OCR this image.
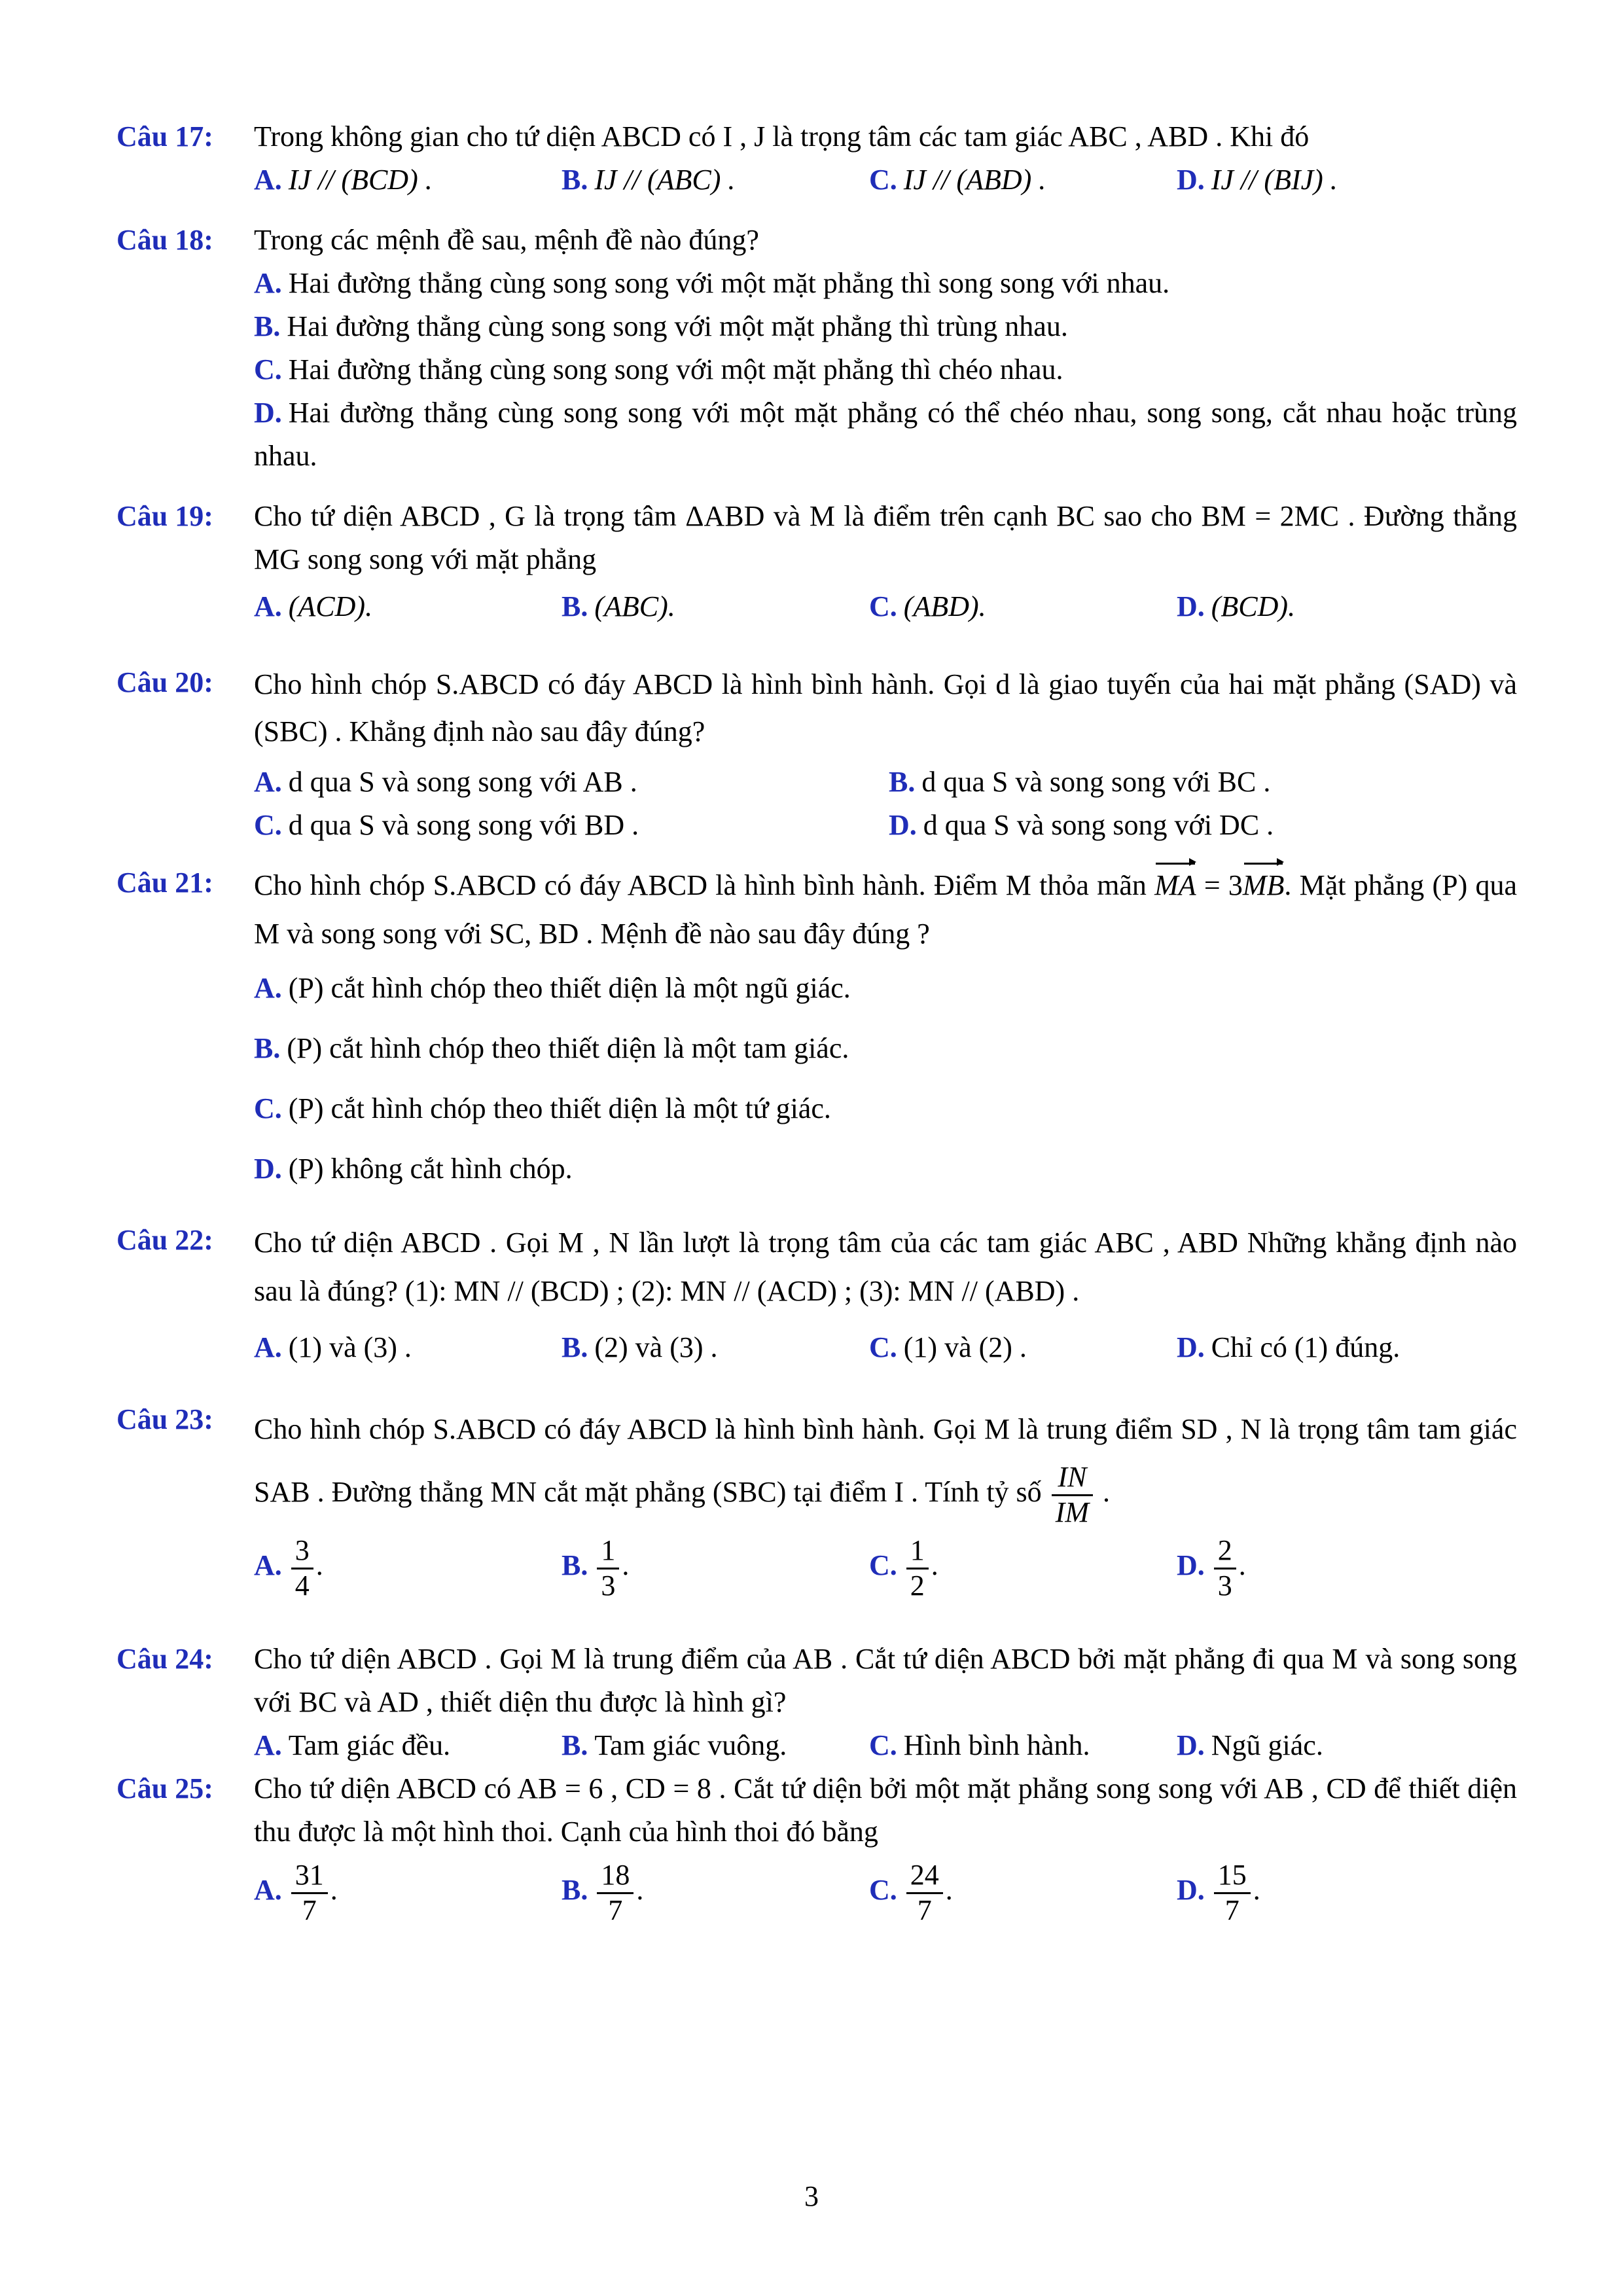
Câu 17:	Trong không gian cho tứ diện ABCD có I , J là trọng tâm các tam giác ABC , ABD . Khi đó
A. IJ // (BCD) .	B. IJ // (ABC) .	C. IJ // (ABD) .	D. IJ // (BIJ) .
Câu 18:	Trong các mệnh đề sau, mệnh đề nào đúng?
A. Hai đường thẳng cùng song song với một mặt phẳng thì song song với nhau.
B. Hai đường thẳng cùng song song với một mặt phẳng thì trùng nhau.
C. Hai đường thẳng cùng song song với một mặt phẳng thì chéo nhau.
D. Hai đường thẳng cùng song song với một mặt phẳng có thể chéo nhau, song song, cắt nhau hoặc trùng nhau.
Câu 19:	Cho tứ diện ABCD , G là trọng tâm ΔABD và M là điểm trên cạnh BC sao cho BM = 2MC . Đường thẳng MG song song với mặt phẳng
A. (ACD).	B. (ABC).	C. (ABD).	D. (BCD).
Câu 20:	Cho hình chóp S.ABCD có đáy ABCD là hình bình hành. Gọi d là giao tuyến của hai mặt phẳng (SAD) và (SBC) . Khẳng định nào sau đây đúng?
A. d qua S và song song với AB .	B. d qua S và song song với BC .
C. d qua S và song song với BD .	D. d qua S và song song với DC .
Câu 21:	Cho hình chóp S.ABCD có đáy ABCD là hình bình hành. Điểm M thỏa mãn MA = 3MB. Mặt phẳng (P) qua M và song song với SC, BD . Mệnh đề nào sau đây đúng ?
A. (P) cắt hình chóp theo thiết diện là một ngũ giác.
B. (P) cắt hình chóp theo thiết diện là một tam giác.
C. (P) cắt hình chóp theo thiết diện là một tứ giác.
D. (P) không cắt hình chóp.
Câu 22:	Cho tứ diện ABCD . Gọi M , N lần lượt là trọng tâm của các tam giác ABC , ABD Những khẳng định nào sau là đúng? (1): MN // (BCD) ; (2): MN // (ACD) ; (3): MN // (ABD) .
A. (1) và (3) .	B. (2) và (3) .	C. (1) và (2) .	D. Chỉ có (1) đúng.
Câu 23:	Cho hình chóp S.ABCD có đáy ABCD là hình bình hành. Gọi M là trung điểm SD , N là trọng tâm tam giác SAB . Đường thẳng MN cắt mặt phẳng (SBC) tại điểm I . Tính tỷ số $\frac{IN}{IM}$ .
A. $\frac{3}{4}$ .	B. $\frac{1}{3}$ .	C. $\frac{1}{2}$ .	D. $\frac{2}{3}$ .
Câu 24:	Cho tứ diện ABCD . Gọi M là trung điểm của AB . Cắt tứ diện ABCD bởi mặt phẳng đi qua M và song song với BC và AD , thiết diện thu được là hình gì?
A. Tam giác đều.	B. Tam giác vuông.	C. Hình bình hành.	D. Ngũ giác.
Câu 25:	Cho tứ diện ABCD có AB = 6 , CD = 8 . Cắt tứ diện bởi một mặt phẳng song song với AB , CD để thiết diện thu được là một hình thoi. Cạnh của hình thoi đó bằng
A. $\frac{31}{7}$ .	B. $\frac{18}{7}$ .	C. $\frac{24}{7}$ .	D. $\frac{15}{7}$ .
3
